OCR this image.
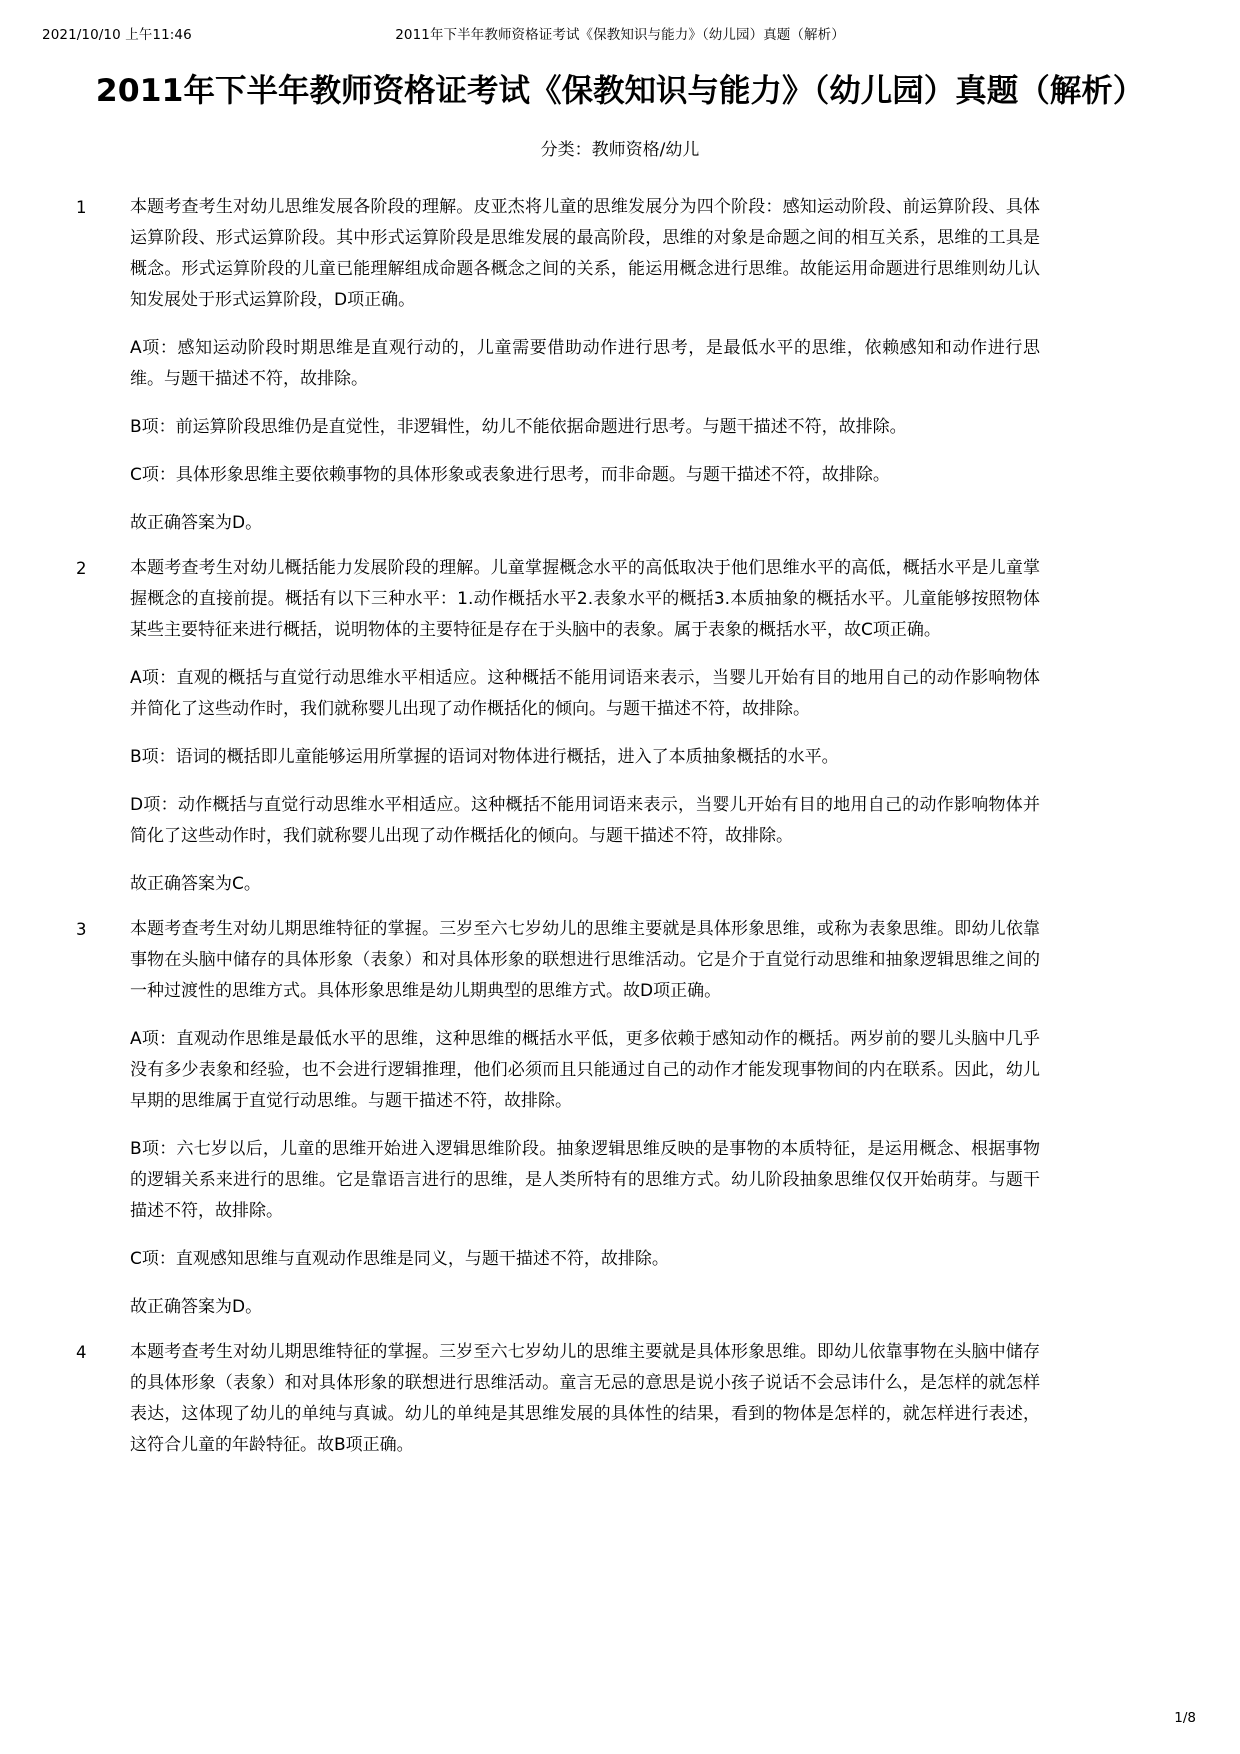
2021/10/10 上午11:46	2011年下半年教师资格证考试《保教知识与能力》（幼儿园）真题（解析）
2011年下半年教师资格证考试《保教知识与能力》（幼儿园）真题（解析）
分类：教师资格/幼儿
1	本题考查考生对幼儿思维发展各阶段的理解。皮亚杰将儿童的思维发展分为四个阶段：感知运动阶段、前运算阶段、具体运算阶段、形式运算阶段。其中形式运算阶段是思维发展的最高阶段，思维的对象是命题之间的相互关系，思维的工具是概念。形式运算阶段的儿童已能理解组成命题各概念之间的关系，能运用概念进行思维。故能运用命题进行思维则幼儿认知发展处于形式运算阶段，D项正确。

A项：感知运动阶段时期思维是直观行动的，儿童需要借助动作进行思考，是最低水平的思维，依赖感知和动作进行思维。与题干描述不符，故排除。

B项：前运算阶段思维仍是直觉性，非逻辑性，幼儿不能依据命题进行思考。与题干描述不符，故排除。

C项：具体形象思维主要依赖事物的具体形象或表象进行思考，而非命题。与题干描述不符，故排除。

故正确答案为D。

2	本题考查考生对幼儿概括能力发展阶段的理解。儿童掌握概念水平的高低取决于他们思维水平的高低，概括水平是儿童掌握概念的直接前提。概括有以下三种水平：1.动作概括水平2.表象水平的概括3.本质抽象的概括水平。儿童能够按照物体某些主要特征来进行概括，说明物体的主要特征是存在于头脑中的表象。属于表象的概括水平，故C项正确。

A项：直观的概括与直觉行动思维水平相适应。这种概括不能用词语来表示，当婴儿开始有目的地用自己的动作影响物体并简化了这些动作时，我们就称婴儿出现了动作概括化的倾向。与题干描述不符，故排除。

B项：语词的概括即儿童能够运用所掌握的语词对物体进行概括，进入了本质抽象概括的水平。

D项：动作概括与直觉行动思维水平相适应。这种概括不能用词语来表示，当婴儿开始有目的地用自己的动作影响物体并简化了这些动作时，我们就称婴儿出现了动作概括化的倾向。与题干描述不符，故排除。

故正确答案为C。

3	本题考查考生对幼儿期思维特征的掌握。三岁至六七岁幼儿的思维主要就是具体形象思维，或称为表象思维。即幼儿依靠事物在头脑中储存的具体形象（表象）和对具体形象的联想进行思维活动。它是介于直觉行动思维和抽象逻辑思维之间的一种过渡性的思维方式。具体形象思维是幼儿期典型的思维方式。故D项正确。

A项：直观动作思维是最低水平的思维，这种思维的概括水平低，更多依赖于感知动作的概括。两岁前的婴儿头脑中几乎没有多少表象和经验，也不会进行逻辑推理，他们必须而且只能通过自己的动作才能发现事物间的内在联系。因此，幼儿早期的思维属于直觉行动思维。与题干描述不符，故排除。

B项：六七岁以后，儿童的思维开始进入逻辑思维阶段。抽象逻辑思维反映的是事物的本质特征，是运用概念、根据事物的逻辑关系来进行的思维。它是靠语言进行的思维，是人类所特有的思维方式。幼儿阶段抽象思维仅仅开始萌芽。与题干描述不符，故排除。

C项：直观感知思维与直观动作思维是同义，与题干描述不符，故排除。

故正确答案为D。

4	本题考查考生对幼儿期思维特征的掌握。三岁至六七岁幼儿的思维主要就是具体形象思维。即幼儿依靠事物在头脑中储存的具体形象（表象）和对具体形象的联想进行思维活动。童言无忌的意思是说小孩子说话不会忌讳什么，是怎样的就怎样表达，这体现了幼儿的单纯与真诚。幼儿的单纯是其思维发展的具体性的结果，看到的物体是怎样的，就怎样进行表述，这符合儿童的年龄特征。故B项正确。

1/8
